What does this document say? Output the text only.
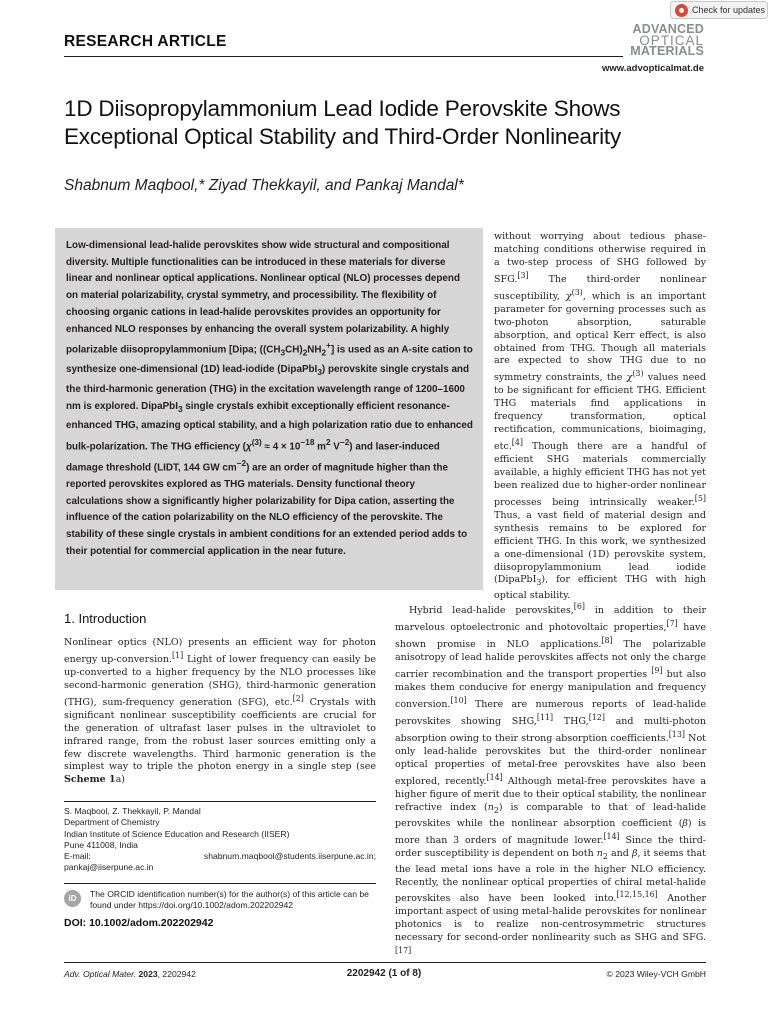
Check for updates
RESEARCH ARTICLE
ADVANCED
OPTICAL
MATERIALS
www.advopticalmat.de
1D Diisopropylammonium Lead Iodide Perovskite Shows Exceptional Optical Stability and Third-Order Nonlinearity
Shabnum Maqbool,* Ziyad Thekkayil, and Pankaj Mandal*
Low-dimensional lead-halide perovskites show wide structural and compositional diversity. Multiple functionalities can be introduced in these materials for diverse linear and nonlinear optical applications. Nonlinear optical (NLO) processes depend on material polarizability, crystal symmetry, and processibility. The flexibility of choosing organic cations in lead-halide perovskites provides an opportunity for enhanced NLO responses by enhancing the overall system polarizability. A highly polarizable diisopropylammonium [Dipa; $((CH_3CH)_2NH_2^+]$ is used as an A-site cation to synthesize one-dimensional (1D) lead-iodide (DipaPbI$_3$) perovskite single crystals and the third-harmonic generation (THG) in the excitation wavelength range of 1200–1600 nm is explored. DipaPbI$_3$ single crystals exhibit exceptionally efficient resonance-enhanced THG, amazing optical stability, and a high polarization ratio due to enhanced bulk-polarization. The THG efficiency ($\chi^{(3)} \approx 4 \times 10^{-18}$ $m^2$ $V^{-2}$) and laser-induced damage threshold (LIDT, 144 GW $cm^{-2}$) are an order of magnitude higher than the reported perovskites explored as THG materials. Density functional theory calculations show a significantly higher polarizability for Dipa cation, asserting the influence of the cation polarizability on the NLO efficiency of the perovskite. The stability of these single crystals in ambient conditions for an extended period adds to their potential for commercial application in the near future.
without worrying about tedious phase-matching conditions otherwise required in a two-step process of SHG followed by SFG.[3] The third-order nonlinear susceptibility, $\chi^{(3)}$, which is an important parameter for governing processes such as two-photon absorption, saturable absorption, and optical Kerr effect, is also obtained from THG. Though all materials are expected to show THG due to no symmetry constraints, the $\chi^{(3)}$ values need to be significant for efficient THG. Efficient THG materials find applications in frequency transformation, optical rectification, communications, bioimaging, etc.[4] Though there are a handful of efficient SHG materials commercially available, a highly efficient THG has not yet been realized due to higher-order nonlinear processes being intrinsically weaker.[5] Thus, a vast field of material design and synthesis remains to be explored for efficient THG. In this work, we synthesized a one-dimensional (1D) perovskite system, diisopropylammonium lead iodide (DipaPbI$_3$), for efficient THG with high optical stability.
1. Introduction
Nonlinear optics (NLO) presents an efficient way for photon energy up-conversion.[1] Light of lower frequency can easily be up-converted to a higher frequency by the NLO processes like second-harmonic generation (SHG), third-harmonic generation (THG), sum-frequency generation (SFG), etc.[2] Crystals with significant nonlinear susceptibility coefficients are crucial for the generation of ultrafast laser pulses in the ultraviolet to infrared range, from the robust laser sources emitting only a few discrete wavelengths. Third harmonic generation is the simplest way to triple the photon energy in a single step (see Scheme 1a)
Hybrid lead-halide perovskites,[6] in addition to their marvelous optoelectronic and photovoltaic properties,[7] have shown promise in NLO applications.[8] The polarizable anisotropy of lead halide perovskites affects not only the charge carrier recombination and the transport properties [9] but also makes them conducive for energy manipulation and frequency conversion.[10] There are numerous reports of lead-halide perovskites showing SHG,[11] THG,[12] and multi-photon absorption owing to their strong absorption coefficients.[13] Not only lead-halide perovskites but the third-order nonlinear optical properties of metal-free perovskites have also been explored, recently.[14] Although metal-free perovskites have a higher figure of merit due to their optical stability, the nonlinear refractive index $(n_2)$ is comparable to that of lead-halide perovskites while the nonlinear absorption coefficient (β) is more than 3 orders of magnitude lower.[14] Since the third-order susceptibility is dependent on both $n_2$ and β, it seems that the lead metal ions have a role in the higher NLO efficiency. Recently, the nonlinear optical properties of chiral metal-halide perovskites also have been looked into.[12,15,16] Another important aspect of using metal-halide perovskites for nonlinear photonics is to realize non-centrosymmetric structures necessary for second-order nonlinearity such as SHG and SFG.[17]
S. Maqbool, Z. Thekkayil, P. Mandal
Department of Chemistry
Indian Institute of Science Education and Research (IISER)
Pune 411008, India
E-mail:	shabnum.maqbool@students.iiserpune.ac.in;
pankaj@iiserpune.ac.in
iD	The ORCID identification number(s) for the author(s) of this article can be found under https://doi.org/10.1002/adom.202202942
DOI: 10.1002/adom.202202942
Adv. Optical Mater. 2023, 2202942	2202942 (1 of 8)	© 2023 Wiley-VCH GmbH
